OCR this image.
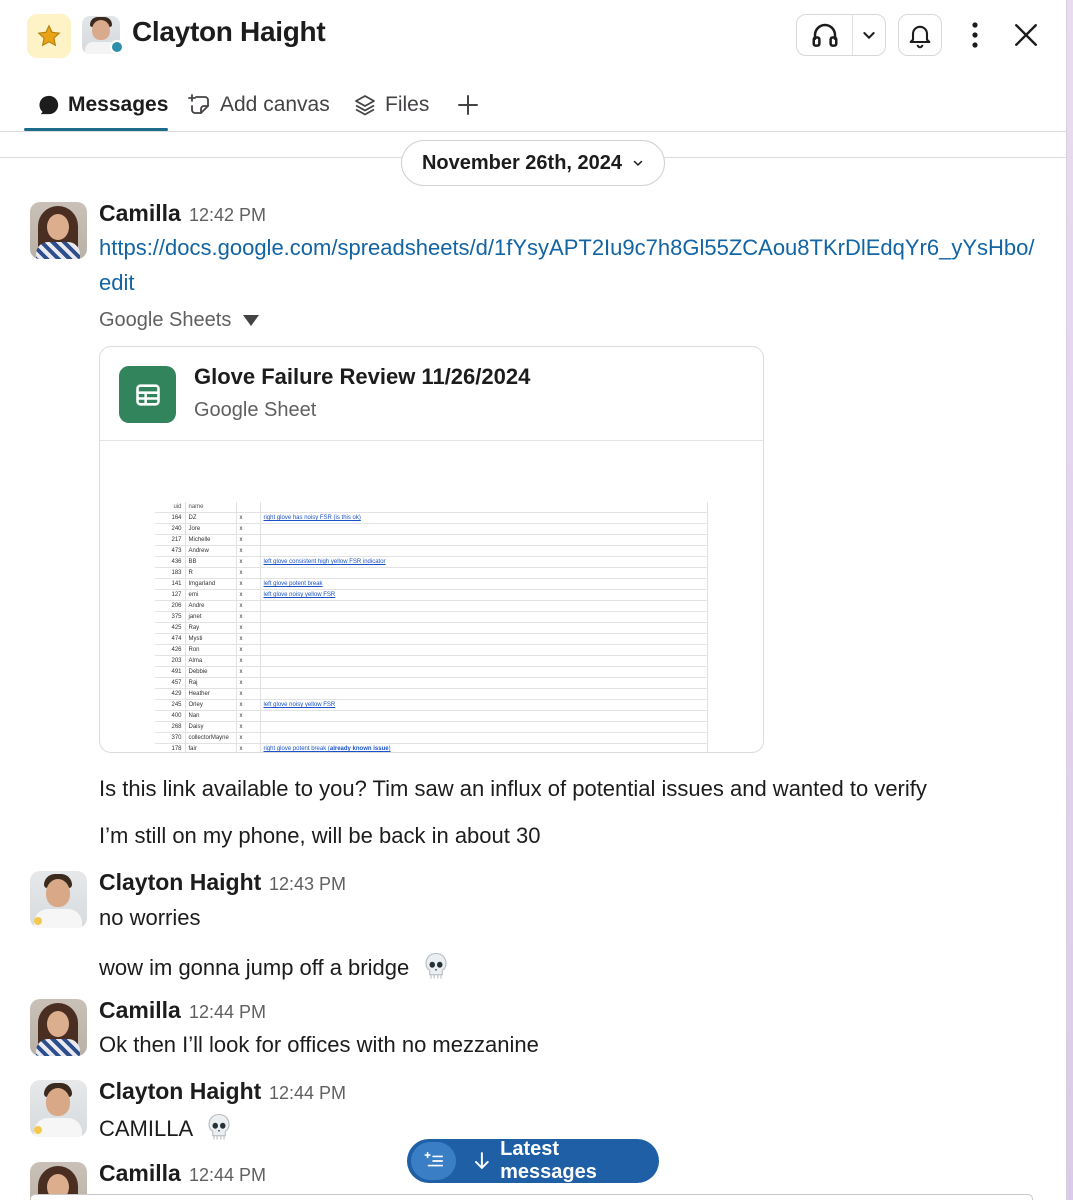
Clayton Haight
Messages Add canvas	Files
November 26th, 2024
Camilla 12:42 PM
https://docs.google.com/spreadsheets/d/1fYsyAPT2Iu9c7h8Gl55ZCAou8TKrDlEdqYr6_yYsHbo/edit
Google Sheets
Glove Failure Review 11/26/2024
Google Sheet
uid	name		
164	DZ	x	right glove has noisy FSR (is this ok)
240	Jore	x	
217	Michelle	x	
473	Andrew	x	
436	BB	x	left glove consistent high yellow FSR indicator
183	R	x	
141	Imgarland	x	left glove potent break
127	emi	x	left glove noisy yellow FSR
206	Andre	x	
375	janet	x	
425	Ray	x	
474	Mysti	x	
426	Ron	x	
203	Alma	x	
491	Debbie	x	
457	Raj	x	
429	Heather	x	
245	Orley	x	left glove noisy yellow FSR
400	Nan	x	
268	Daisy	x	
370	collectorMayne	x	
178	fair	x	right glove potent break (already known issue)
Is this link available to you? Tim saw an influx of potential issues and wanted to verify
I’m still on my phone, will be back in about 30
Clayton Haight 12:43 PM
no worries
wow im gonna jump off a bridge
Camilla 12:44 PM
Ok then I’ll look for offices with no mezzanine
Clayton Haight 12:44 PM
CAMILLA
Camilla 12:44 PM
Latest messages
